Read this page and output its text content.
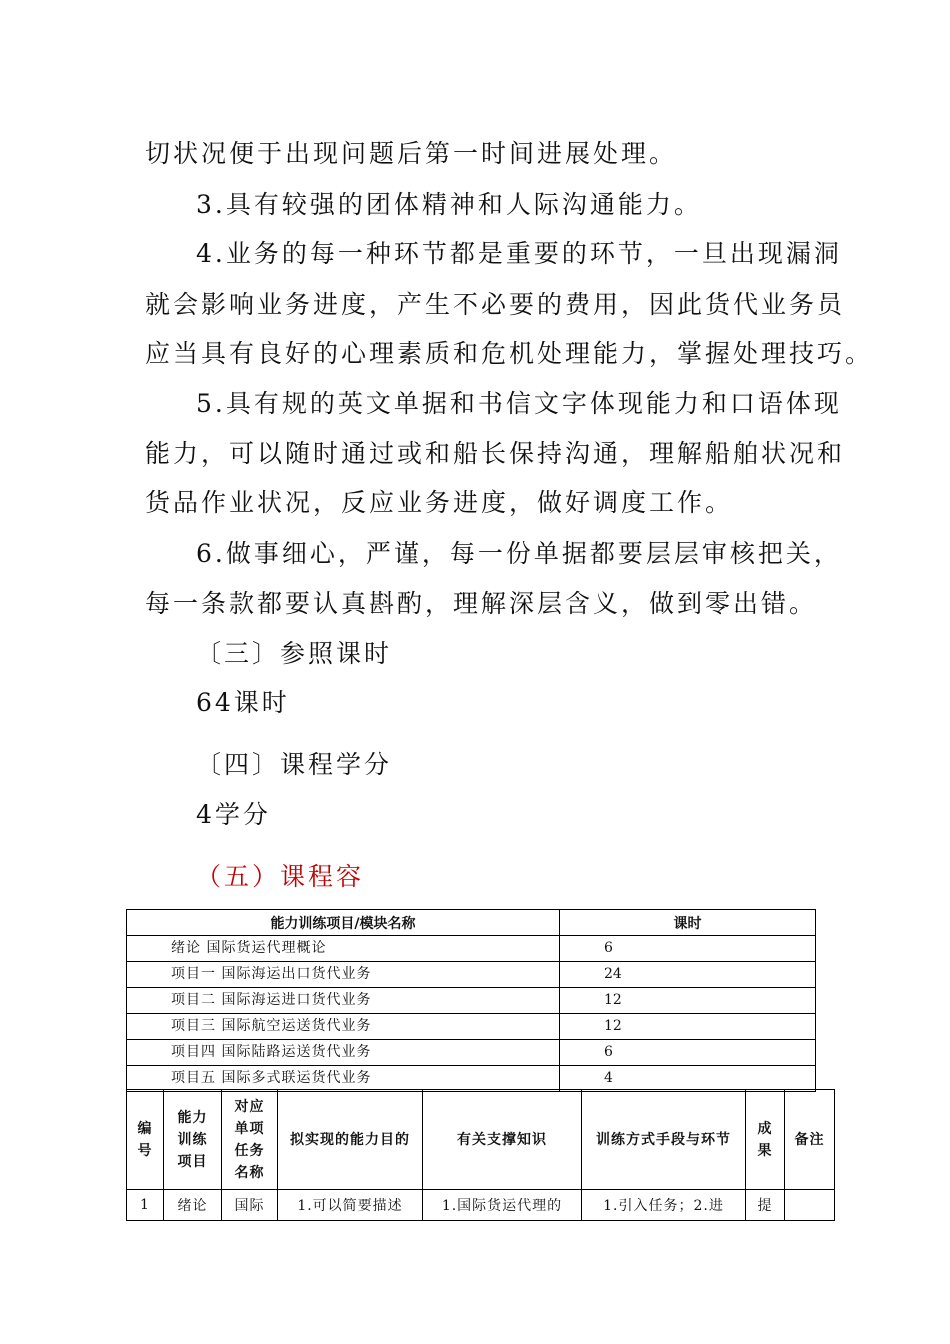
切状况便于出现问题后第一时间进展处理。
3.具有较强的团体精神和人际沟通能力。
4.业务的每一种环节都是重要的环节，一旦出现漏洞
就会影响业务进度，产生不必要的费用，因此货代业务员
应当具有良好的心理素质和危机处理能力，掌握处理技巧。
5.具有规的英文单据和书信文字体现能力和口语体现
能力，可以随时通过或和船长保持沟通，理解船舶状况和
货品作业状况，反应业务进度，做好调度工作。
6.做事细心，严谨，每一份单据都要层层审核把关，
每一条款都要认真斟酌，理解深层含义，做到零出错。
〔三〕参照课时
64课时
〔四〕课程学分
4学分
（五）课程容
能力训练项目/模块名称	课时
绪论 国际货运代理概论	6
项目一 国际海运出口货代业务	24
项目二 国际海运进口货代业务	12
项目三 国际航空运送货代业务	12
项目四 国际陆路运送货代业务	6
项目五 国际多式联运货代业务	4
编号	能力训练项目	对应单项任务名称	拟实现的能力目的	有关支撑知识	训练方式手段与环节	成果	备注
1	绪论	国际	1.可以简要描述	1.国际货运代理的	1.引入任务；2.进	提	
